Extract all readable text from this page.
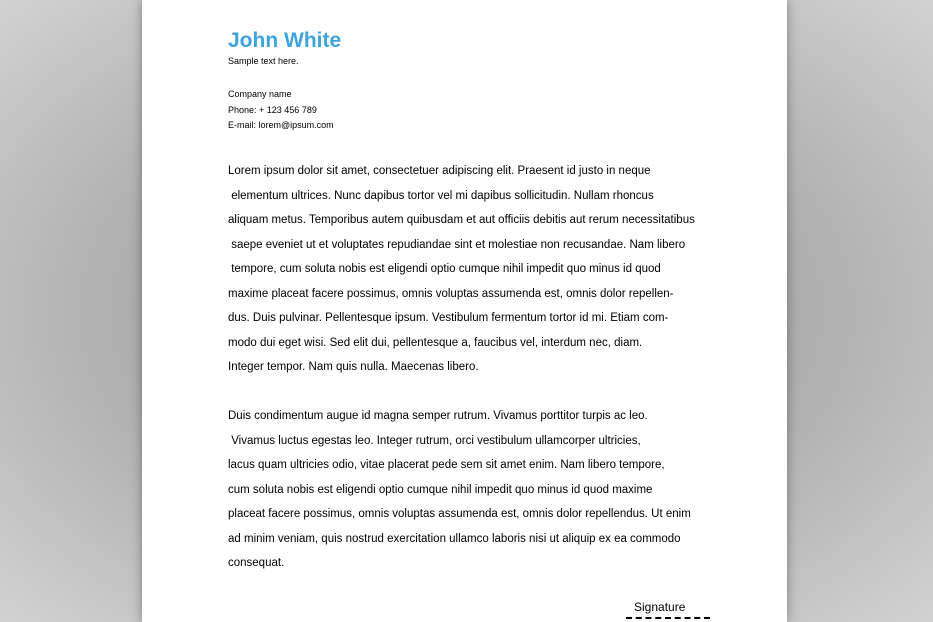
John White
Sample text here.
Company name
Phone: + 123 456 789
E-mail: lorem@ipsum.com
Lorem ipsum dolor sit amet, consectetuer adipiscing elit. Praesent id justo in neque
elementum ultrices. Nunc dapibus tortor vel mi dapibus sollicitudin. Nullam rhoncus
aliquam metus. Temporibus autem quibusdam et aut officiis debitis aut rerum necessitatibus
saepe eveniet ut et voluptates repudiandae sint et molestiae non recusandae. Nam libero
tempore, cum soluta nobis est eligendi optio cumque nihil impedit quo minus id quod
maxime placeat facere possimus, omnis voluptas assumenda est, omnis dolor repellen-
dus. Duis pulvinar. Pellentesque ipsum. Vestibulum fermentum tortor id mi. Etiam com-
modo dui eget wisi. Sed elit dui, pellentesque a, faucibus vel, interdum nec, diam.
Integer tempor. Nam quis nulla. Maecenas libero.
Duis condimentum augue id magna semper rutrum. Vivamus porttitor turpis ac leo.
Vivamus luctus egestas leo. Integer rutrum, orci vestibulum ullamcorper ultricies,
lacus quam ultricies odio, vitae placerat pede sem sit amet enim. Nam libero tempore,
cum soluta nobis est eligendi optio cumque nihil impedit quo minus id quod maxime
placeat facere possimus, omnis voluptas assumenda est, omnis dolor repellendus. Ut enim
ad minim veniam, quis nostrud exercitation ullamco laboris nisi ut aliquip ex ea commodo
consequat.
Signature
